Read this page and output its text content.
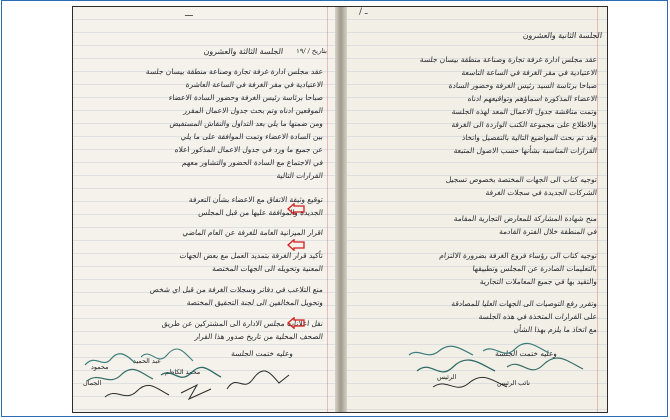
ـــ

الجلسة الثالثة والعشرون	بتاريخ / /١٩

عقد مجلس ادارة غرفة تجارة وصناعة منطقة بيسان جلسة

الاعتيادية في مقر الغرفة في الساعة العاشرة

صباحا برئاسة رئيس الغرفة وحضور السادة الاعضاء

الموقعين ادناه وتم بحث جدول الاعمال المقرر

ومن ضمنها ما يلي بعد التداول والنقاش المستفيض

بين السادة الاعضاء وتمت الموافقة على ما يلي

عن جميع ما ورد في جدول الاعمال المذكور اعلاه

في الاجتماع مع السادة الحضور والتشاور معهم

القرارات التالية

توقيع وثيقة الاتفاق مع الاعضاء بشأن التعرفة

الجديدة والموافقة عليها من قبل المجلس

اقرار الميزانية العامة للغرفة عن العام الماضي

تأكيد قرار الغرفة بتمديد العمل مع بعض الجهات

المعنية وتحويله الى الجهات المختصة

منع التلاعب في دفاتر وسجلات الغرفة من قبل اي شخص

وتحويل المخالفين الى لجنة التحقيق المختصة

نقل اعلانات مجلس الادارة الى المشتركين عن طريق

الصحف المحلية من تاريخ صدور هذا القرار

وعليه ختمت الجلسة

عبد الحميد
محمود
محمد الكاظم
الجمال
/ ـ

الجلسة الثانية والعشرون

عقد مجلس ادارة غرفة تجارة وصناعة منطقة بيسان جلسة

الاعتيادية في مقر الغرفة في الساعة التاسعة

صباحا برئاسة السيد رئيس الغرفة وحضور السادة

الاعضاء المذكورة اسماؤهم وتواقيعهم ادناه

وتمت مناقشة جدول الاعمال المعد لهذه الجلسة

والاطلاع على مجموعة الكتب الواردة الى الغرفة

وقد تم بحث المواضيع التالية بالتفصيل واتخاذ

القرارات المناسبة بشأنها حسب الاصول المتبعة

توجيه كتاب الى الجهات المختصة بخصوص تسجيل

الشركات الجديدة في سجلات الغرفة

منح شهادة المشاركة للمعارض التجارية المقامة

في المنطقة خلال الفترة القادمة

توجيه كتاب الى رؤساء فروع الغرفة بضرورة الالتزام

بالتعليمات الصادرة عن المجلس وتطبيقها

والتقيد بها في جميع المعاملات التجارية

وتقرر رفع التوصيات الى الجهات العليا للمصادقة

على القرارات المتخذة في هذه الجلسة

مع اتخاذ ما يلزم بهذا الشأن

وعليه ختمت الجلسة

الرئيس
نائب الرئيس
